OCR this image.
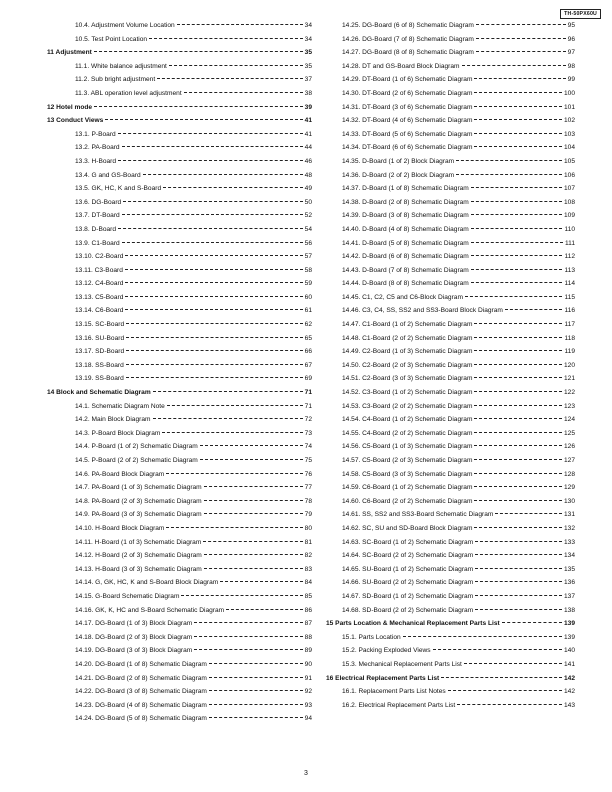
TH-50PX60U
10.4. Adjustment Volume Location	34
10.5. Test Point Location	34
11 Adjustment	35
11.1. White balance adjustment	35
11.2. Sub bright adjustment	37
11.3. ABL operation level adjustment	38
12 Hotel mode	39
13 Conduct Views	41
13.1. P-Board	41
13.2. PA-Board	44
13.3. H-Board	46
13.4. G and GS-Board	48
13.5. GK, HC, K and S-Board	49
13.6. DG-Board	50
13.7. DT-Board	52
13.8. D-Board	54
13.9. C1-Board	56
13.10. C2-Board	57
13.11. C3-Board	58
13.12. C4-Board	59
13.13. C5-Board	60
13.14. C6-Board	61
13.15. SC-Board	62
13.16. SU-Board	65
13.17. SD-Board	66
13.18. SS-Board	67
13.19. SS-Board	69
14 Block and Schematic Diagram	71
14.1. Schematic Diagram Note	71
14.2. Main Block Diagram	72
14.3. P-Board Block Diagram	73
14.4. P-Board (1 of 2) Schematic Diagram	74
14.5. P-Board (2 of 2) Schematic Diagram	75
14.6. PA-Board Block Diagram	76
14.7. PA-Board (1 of 3) Schematic Diagram	77
14.8. PA-Board (2 of 3) Schematic Diagram	78
14.9. PA-Board (3 of 3) Schematic Diagram	79
14.10. H-Board Block Diagram	80
14.11. H-Board (1 of 3) Schematic Diagram	81
14.12. H-Board (2 of 3) Schematic Diagram	82
14.13. H-Board (3 of 3) Schematic Diagram	83
14.14. G, GK, HC, K and S-Board Block Diagram	84
14.15. G-Board Schematic Diagram	85
14.16. GK, K, HC and S-Board Schematic Diagram	86
14.17. DG-Board (1 of 3) Block Diagram	87
14.18. DG-Board (2 of 3) Block Diagram	88
14.19. DG-Board (3 of 3) Block Diagram	89
14.20. DG-Board (1 of 8) Schematic Diagram	90
14.21. DG-Board (2 of 8) Schematic Diagram	91
14.22. DG-Board (3 of 8) Schematic Diagram	92
14.23. DG-Board (4 of 8) Schematic Diagram	93
14.24. DG-Board (5 of 8) Schematic Diagram	94
14.25. DG-Board (6 of 8) Schematic Diagram	95
14.26. DG-Board (7 of 8) Schematic Diagram	96
14.27. DG-Board (8 of 8) Schematic Diagram	97
14.28. DT and GS-Board Block Diagram	98
14.29. DT-Board (1 of 6) Schematic Diagram	99
14.30. DT-Board (2 of 6) Schematic Diagram	100
14.31. DT-Board (3 of 6) Schematic Diagram	101
14.32. DT-Board (4 of 6) Schematic Diagram	102
14.33. DT-Board (5 of 6) Schematic Diagram	103
14.34. DT-Board (6 of 6) Schematic Diagram	104
14.35. D-Board (1 of 2) Block Diagram	105
14.36. D-Board (2 of 2) Block Diagram	106
14.37. D-Board (1 of 8) Schematic Diagram	107
14.38. D-Board (2 of 8) Schematic Diagram	108
14.39. D-Board (3 of 8) Schematic Diagram	109
14.40. D-Board (4 of 8) Schematic Diagram	110
14.41. D-Board (5 of 8) Schematic Diagram	111
14.42. D-Board (6 of 8) Schematic Diagram	112
14.43. D-Board (7 of 8) Schematic Diagram	113
14.44. D-Board (8 of 8) Schematic Diagram	114
14.45. C1, C2, C5 and C6-Block Diagram	115
14.46. C3, C4, SS, SS2 and SS3-Board Block Diagram	116
14.47. C1-Board (1 of 2) Schematic Diagram	117
14.48. C1-Board (2 of 2) Schematic Diagram	118
14.49. C2-Board (1 of 3) Schematic Diagram	119
14.50. C2-Board (2 of 3) Schematic Diagram	120
14.51. C2-Board (3 of 3) Schematic Diagram	121
14.52. C3-Board (1 of 2) Schematic Diagram	122
14.53. C3-Board (2 of 2) Schematic Diagram	123
14.54. C4-Board (1 of 2) Schematic Diagram	124
14.55. C4-Board (2 of 2) Schematic Diagram	125
14.56. C5-Board (1 of 3) Schematic Diagram	126
14.57. C5-Board (2 of 3) Schematic Diagram	127
14.58. C5-Board (3 of 3) Schematic Diagram	128
14.59. C6-Board (1 of 2) Schematic Diagram	129
14.60. C6-Board (2 of 2) Schematic Diagram	130
14.61. SS, SS2 and SS3-Board Schematic Diagram	131
14.62. SC, SU and SD-Board Block Diagram	132
14.63. SC-Board (1 of 2) Schematic Diagram	133
14.64. SC-Board (2 of 2) Schematic Diagram	134
14.65. SU-Board (1 of 2) Schematic Diagram	135
14.66. SU-Board (2 of 2) Schematic Diagram	136
14.67. SD-Board (1 of 2) Schematic Diagram	137
14.68. SD-Board (2 of 2) Schematic Diagram	138
15 Parts Location & Mechanical Replacement Parts List	139
15.1. Parts Location	139
15.2. Packing Exploded Views	140
15.3. Mechanical Replacement Parts List	141
16 Electrical Replacement Parts List	142
16.1. Replacement Parts List Notes	142
16.2. Electrical Replacement Parts List	143
3
